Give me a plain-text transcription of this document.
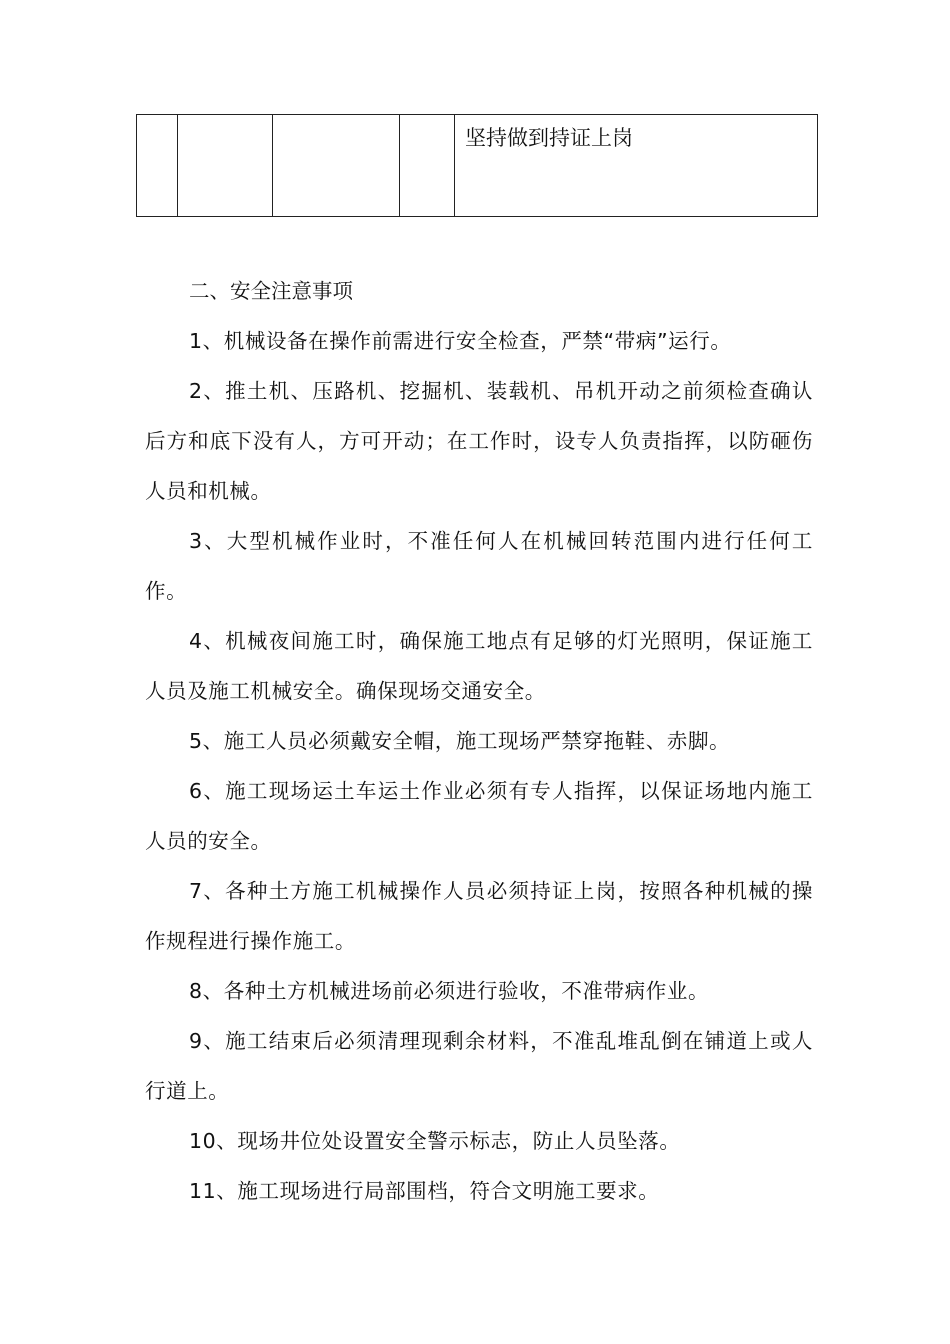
				坚持做到持证上岗

二、安全注意事项

1、机械设备在操作前需进行安全检查，严禁“带病”运行。

2、推土机、压路机、挖掘机、装载机、吊机开动之前须检查确认后方和底下没有人，方可开动；在工作时，设专人负责指挥，以防砸伤人员和机械。

3、大型机械作业时，不准任何人在机械回转范围内进行任何工作。

4、机械夜间施工时，确保施工地点有足够的灯光照明，保证施工人员及施工机械安全。确保现场交通安全。

5、施工人员必须戴安全帽，施工现场严禁穿拖鞋、赤脚。

6、施工现场运土车运土作业必须有专人指挥，以保证场地内施工人员的安全。

7、各种土方施工机械操作人员必须持证上岗，按照各种机械的操作规程进行操作施工。

8、各种土方机械进场前必须进行验收，不准带病作业。

9、施工结束后必须清理现剩余材料，不准乱堆乱倒在铺道上或人行道上。

10、现场井位处设置安全警示标志，防止人员坠落。

11、施工现场进行局部围档，符合文明施工要求。
